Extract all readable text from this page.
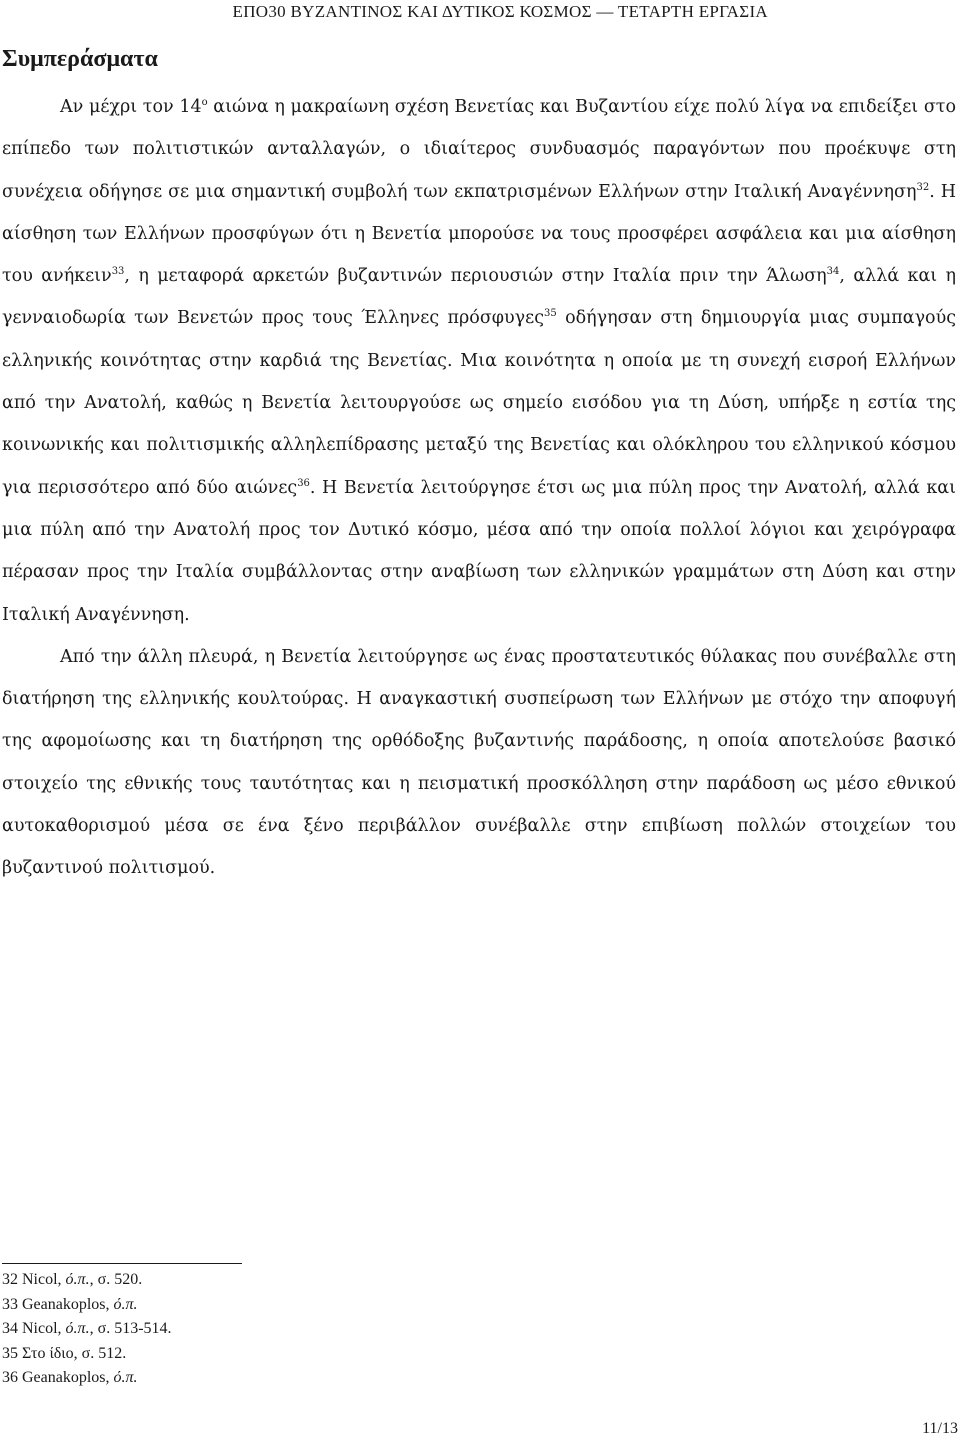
ΕΠΟ30 ΒΥΖΑΝΤΙΝΟΣ ΚΑΙ ΔΥΤΙΚΟΣ ΚΟΣΜΟΣ — ΤΕΤΑΡΤΗ ΕΡΓΑΣΙΑ
Συμπεράσματα

Αν μέχρι τον $14^o$ αιώνα η μακραίωνη σχέση Βενετίας και Βυζαντίου είχε πολύ λίγα να επιδείξει στο επίπεδο των πολιτιστικών ανταλλαγών, ο ιδιαίτερος συνδυασμός παραγόντων που προέκυψε στη συνέχεια οδήγησε σε μια σημαντική συμβολή των εκπατρισμένων Ελλήνων στην Ιταλική Αναγέννηση$^{32}$. Η αίσθηση των Ελλήνων προσφύγων ότι η Βενετία μπορούσε να τους προσφέρει ασφάλεια και μια αίσθηση του ανήκειν$^{33}$, η μεταφορά αρκετών βυζαντινών περιουσιών στην Ιταλία πριν την Άλωση$^{34}$, αλλά και η γενναιοδωρία των Βενετών προς τους Έλληνες πρόσφυγες$^{35}$ οδήγησαν στη δημιουργία μιας συμπαγούς ελληνικής κοινότητας στην καρδιά της Βενετίας. Μια κοινότητα η οποία με τη συνεχή εισροή Ελλήνων από την Ανατολή, καθώς η Βενετία λειτουργούσε ως σημείο εισόδου για τη Δύση, υπήρξε η εστία της κοινωνικής και πολιτισμικής αλληλεπίδρασης μεταξύ της Βενετίας και ολόκληρου του ελληνικού κόσμου για περισσότερο από δύο αιώνες$^{36}$. Η Βενετία λειτούργησε έτσι ως μια πύλη προς την Ανατολή, αλλά και μια πύλη από την Ανατολή προς τον Δυτικό κόσμο, μέσα από την οποία πολλοί λόγιοι και χειρόγραφα πέρασαν προς την Ιταλία συμβάλλοντας στην αναβίωση των ελληνικών γραμμάτων στη Δύση και στην Ιταλική Αναγέννηση.

Από την άλλη πλευρά, η Βενετία λειτούργησε ως ένας προστατευτικός θύλακας που συνέβαλλε στη διατήρηση της ελληνικής κουλτούρας. Η αναγκαστική συσπείρωση των Ελλήνων με στόχο την αποφυγή της αφομοίωσης και τη διατήρηση της ορθόδοξης βυζαντινής παράδοσης, η οποία αποτελούσε βασικό στοιχείο της εθνικής τους ταυτότητας και η πεισματική προσκόλληση στην παράδοση ως μέσο εθνικού αυτοκαθορισμού μέσα σε ένα ξένο περιβάλλον συνέβαλλε στην επιβίωση πολλών στοιχείων του βυζαντινού πολιτισμού.

32 Nicol, ό.π., σ. 520.
33 Geanakoplos, ό.π.
34 Nicol, ό.π., σ. 513-514.
35 Στο ίδιο, σ. 512.
36 Geanakoplos, ό.π.
11/13
